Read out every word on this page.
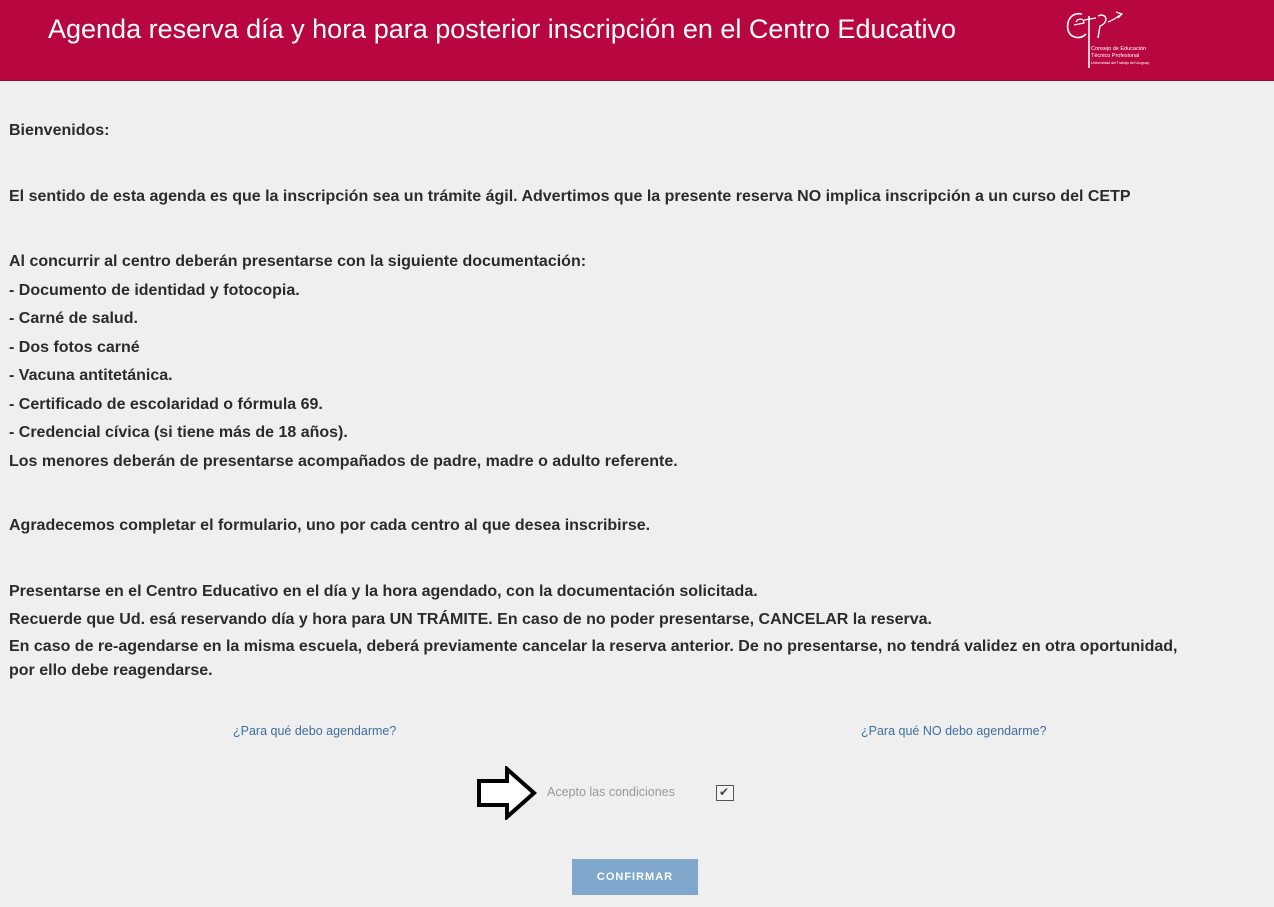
Agenda reserva día y hora para posterior inscripción en el Centro Educativo
Consejo de Educación
Técnico Profesional
Universidad del Trabajo del Uruguay

Bienvenidos:

El sentido de esta agenda es que la inscripción sea un trámite ágil. Advertimos que la presente reserva NO implica inscripción a un curso del CETP

Al concurrir al centro deberán presentarse con la siguiente documentación:

- Documento de identidad y fotocopia.

- Carné de salud.

- Dos fotos carné

- Vacuna antitetánica.

- Certificado de escolaridad o fórmula 69.

- Credencial cívica (si tiene más de 18 años).

Los menores deberán de presentarse acompañados de padre, madre o adulto referente.

Agradecemos completar el formulario, uno por cada centro al que desea inscribirse.

Presentarse en el Centro Educativo en el día y la hora agendado, con la documentación solicitada.

Recuerde que Ud. esá reservando día y hora para UN TRÁMITE. En caso de no poder presentarse, CANCELAR la reserva.

En caso de re-agendarse en la misma escuela, deberá previamente cancelar la reserva anterior. De no presentarse, no tendrá validez en otra oportunidad,

por ello debe reagendarse.

¿Para qué debo agendarme?	¿Para qué NO debo agendarme?
Acepto las condiciones	✔
CONFIRMAR
